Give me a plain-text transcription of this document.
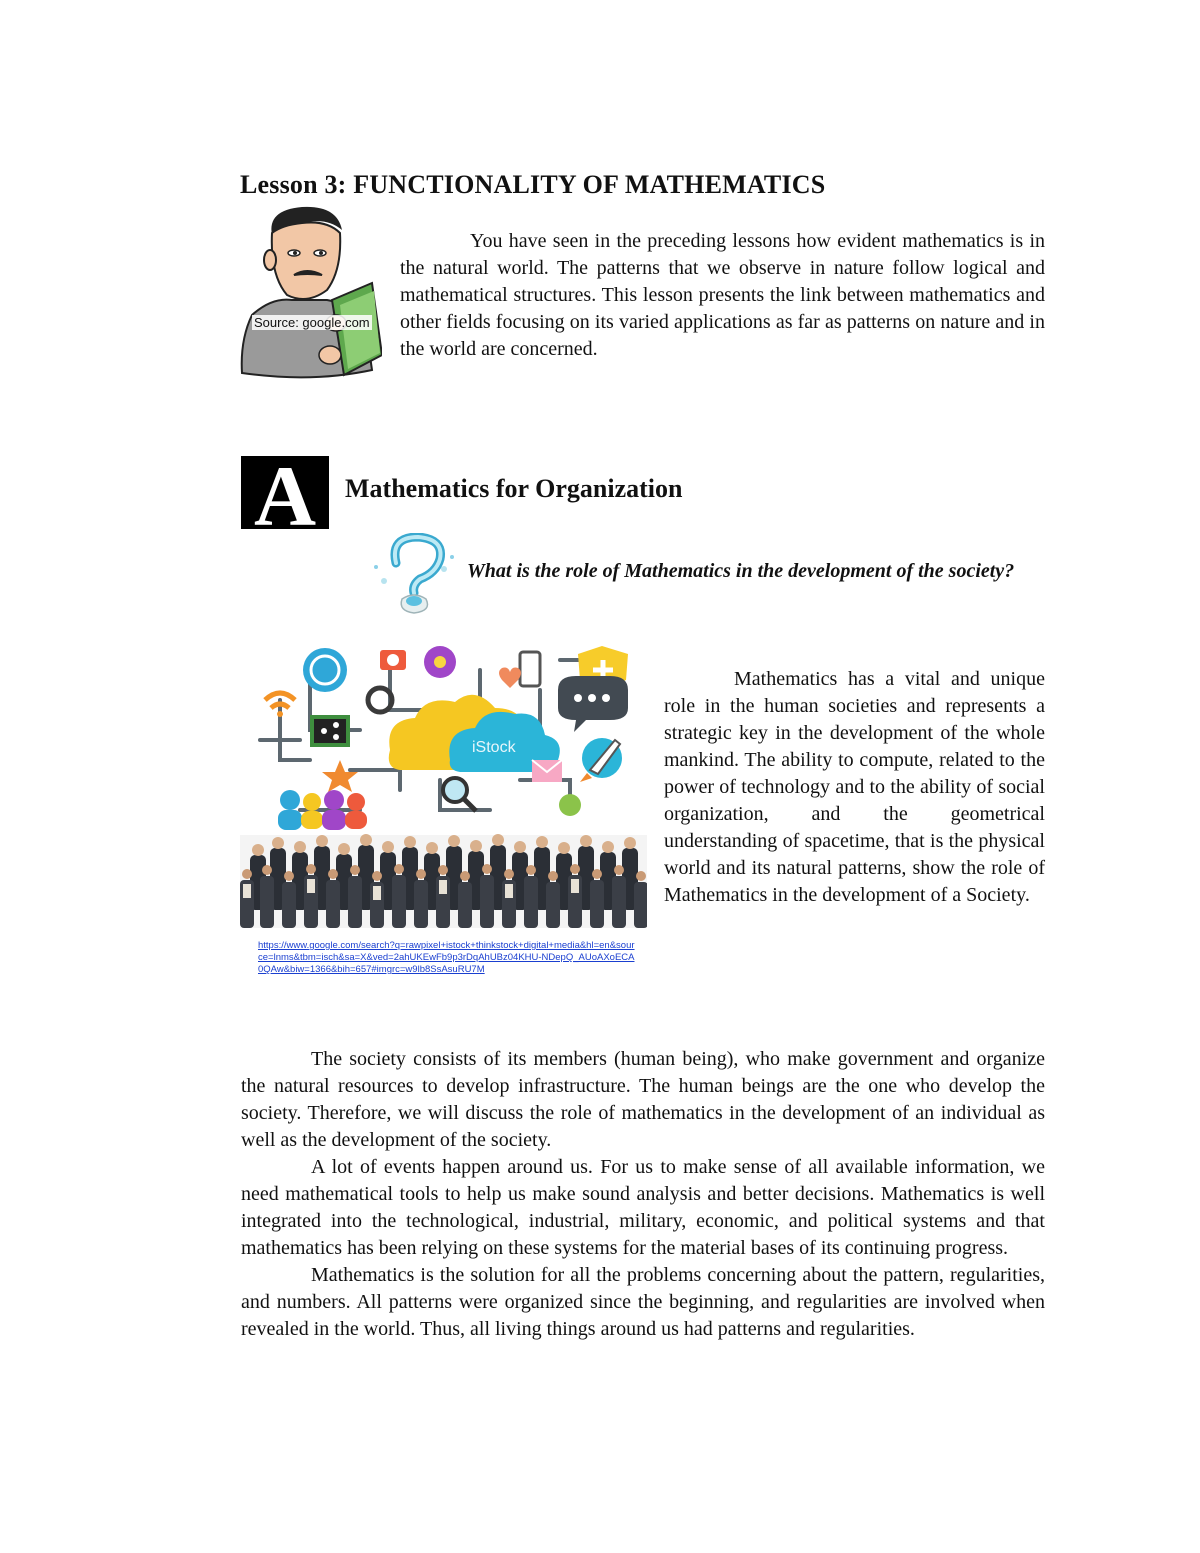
Lesson 3: FUNCTIONALITY OF MATHEMATICS
Source: google.com
You have seen in the preceding lessons how evident mathematics is in the natural world. The patterns that we observe in nature follow logical and mathematical structures. This lesson presents the link between mathematics and other fields focusing on its varied applications as far as patterns on nature and in the world are concerned.
A	Mathematics for Organization
What is the role of Mathematics in the development of the society?
iStock
https://www.google.com/search?q=rawpixel+istock+thinkstock+digital+media&hl=en&source=lnms&tbm=isch&sa=X&ved=2ahUKEwFb9p3rDqAhUBz04KHU-NDepQ_AUoAXoECA0QAw&biw=1366&bih=657#imgrc=w9lb8SsAsuRU7M
Mathematics has a vital and unique role in the human societies and represents a strategic key in the development of the whole mankind. The ability to compute, related to the power of technology and to the ability of social organization, and the geometrical understanding of spacetime, that is the physical world and its natural patterns, show the role of Mathematics in the development of a Society.

The society consists of its members (human being), who make government and organize the natural resources to develop infrastructure. The human beings are the one who develop the society. Therefore, we will discuss the role of mathematics in the development of an individual as well as the development of the society.

A lot of events happen around us. For us to make sense of all available information, we need mathematical tools to help us make sound analysis and better decisions. Mathematics is well integrated into the technological, industrial, military, economic, and political systems and that mathematics has been relying on these systems for the material bases of its continuing progress.

Mathematics is the solution for all the problems concerning about the pattern, regularities, and numbers. All patterns were organized since the beginning, and regularities are involved when revealed in the world. Thus, all living things around us had patterns and regularities.
